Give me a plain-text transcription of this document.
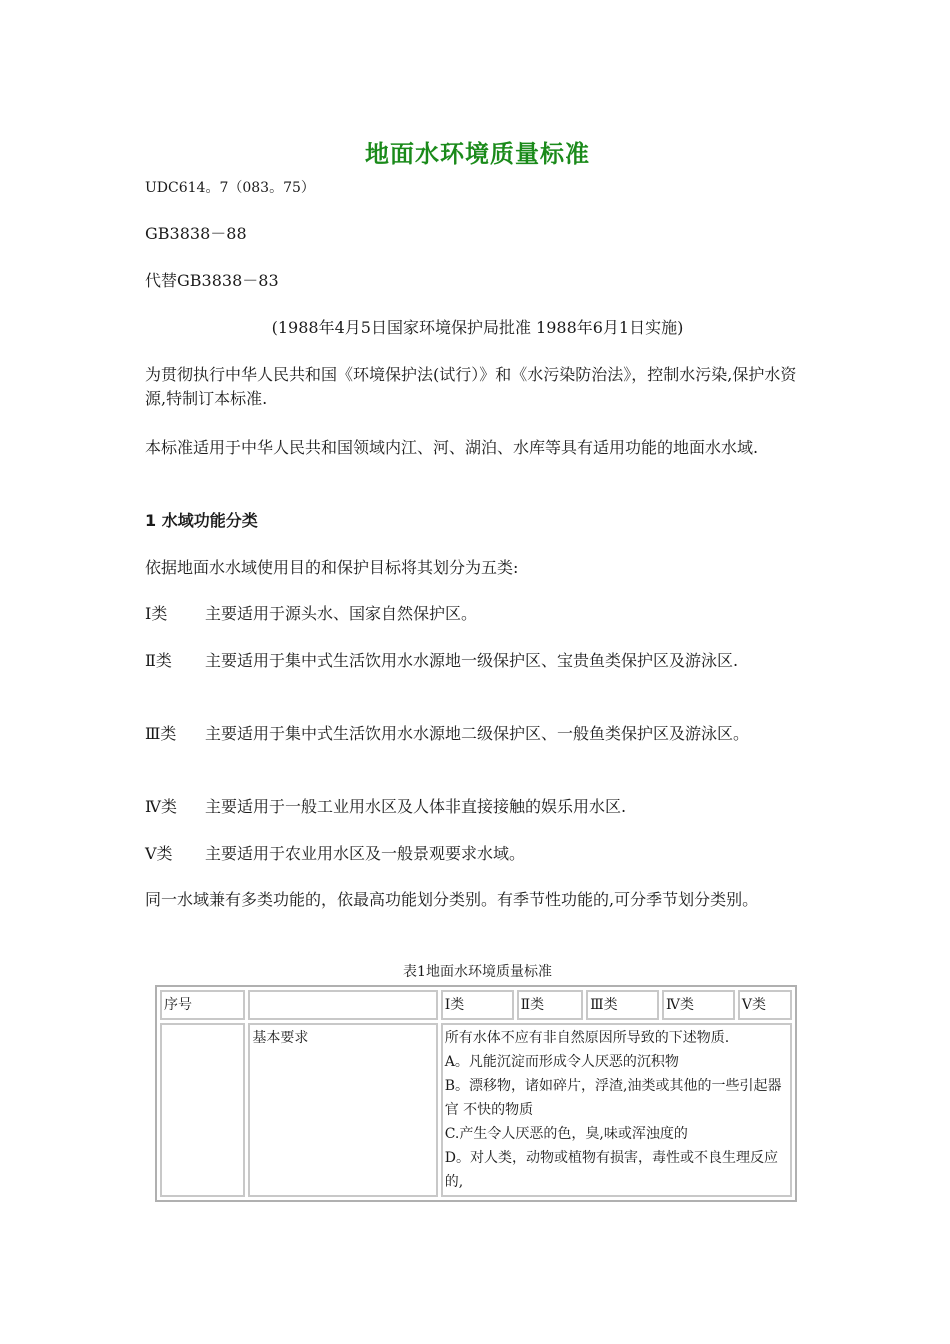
地面水环境质量标准
UDC614。7（083。75）
GB3838－88
代替GB3838－83
(1988年4月5日国家环境保护局批准 1988年6月1日实施)
为贯彻执行中华人民共和国《环境保护法(试行）》和《水污染防治法》，控制水污染,保护水资源,特制订本标准.
本标准适用于中华人民共和国领域内江、河、湖泊、水库等具有适用功能的地面水水域.
1 水域功能分类
依据地面水水域使用目的和保护目标将其划分为五类:
Ⅰ类 主要适用于源头水、国家自然保护区。
Ⅱ类 主要适用于集中式生活饮用水水源地一级保护区、宝贵鱼类保护区及游泳区.
Ⅲ类 主要适用于集中式生活饮用水水源地二级保护区、一般鱼类保护区及游泳区。
Ⅳ类 主要适用于一般工业用水区及人体非直接接触的娱乐用水区.
Ⅴ类 主要适用于农业用水区及一般景观要求水域。
同一水域兼有多类功能的，依最高功能划分类别。有季节性功能的,可分季节划分类别。
表1地面水环境质量标准
序号		Ⅰ类	Ⅱ类	Ⅲ类	Ⅳ类	Ⅴ类
	基本要求	所有水体不应有非自然原因所导致的下述物质.
A。凡能沉淀而形成令人厌恶的沉积物
B。漂移物，诸如碎片，浮渣,油类或其他的一些引起器官 不快的物质
C.产生令人厌恶的色，臭,味或浑浊度的
D。对人类，动物或植物有损害，毒性或不良生理反应的,				
